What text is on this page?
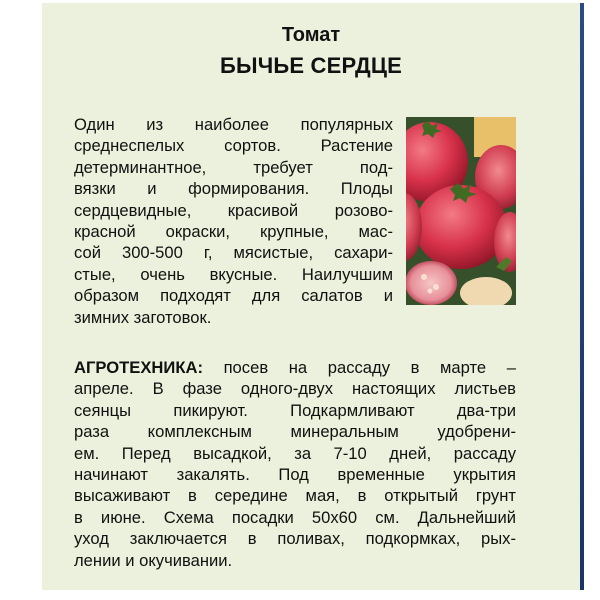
Томат
БЫЧЬЕ СЕРДЦЕ
Один из наиболее популярных
среднеспелых сортов. Растение
детерминантное, требует под-
вязки и формирования. Плоды
сердцевидные, красивой розово-
красной окраски, крупные, мас-
сой 300-500 г, мясистые, сахари-
стые, очень вкусные. Наилучшим
образом подходят для салатов и
зимних заготовок.
АГРОТЕХНИКА: посев на рассаду в марте –
апреле. В фазе одного-двух настоящих листьев
сеянцы пикируют. Подкармливают два-три
раза комплексным минеральным удобрени-
ем. Перед высадкой, за 7-10 дней, рассаду
начинают закалять. Под временные укрытия
высаживают в середине мая, в открытый грунт
в июне. Схема посадки 50х60 см. Дальнейший
уход заключается в поливах, подкормках, рых-
лении и окучивании.
